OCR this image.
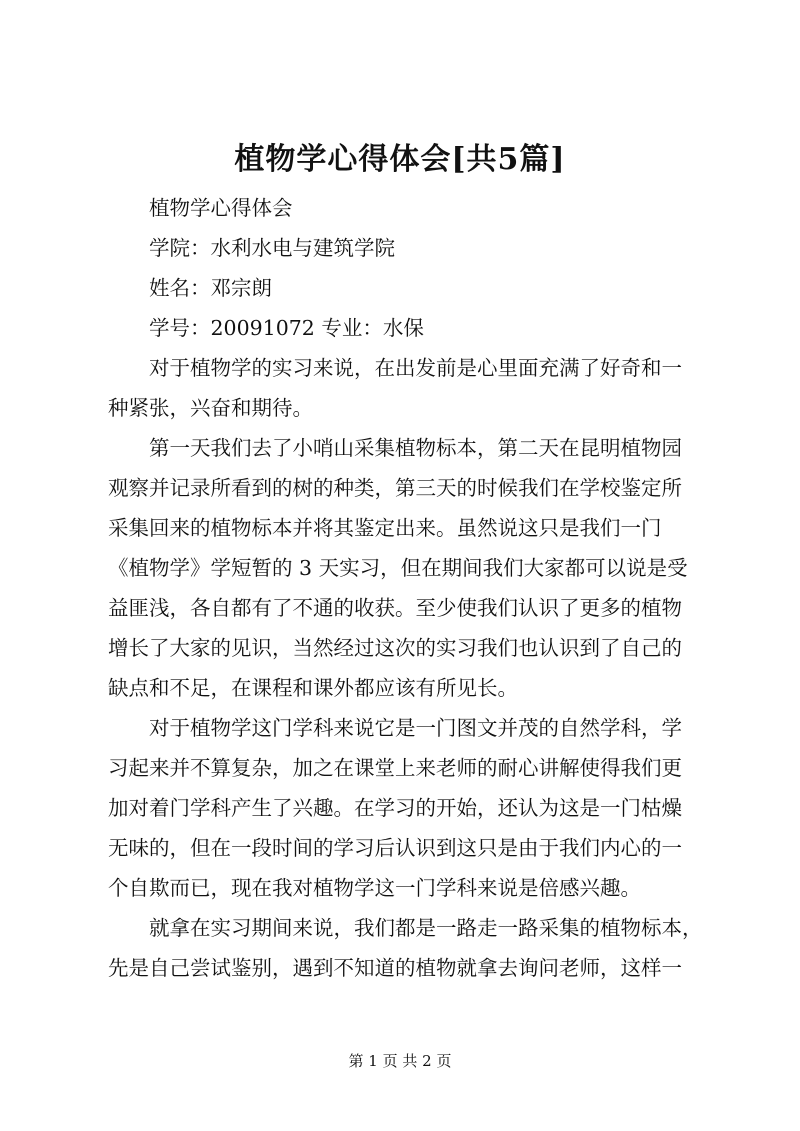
植物学心得体会[共5篇]

植物学心得体会

学院：水利水电与建筑学院

姓名：邓宗朗

学号：20091072 专业：水保

对于植物学的实习来说，在出发前是心里面充满了好奇和一

种紧张，兴奋和期待。

第一天我们去了小哨山采集植物标本，第二天在昆明植物园

观察并记录所看到的树的种类，第三天的时候我们在学校鉴定所

采集回来的植物标本并将其鉴定出来。虽然说这只是我们一门

《植物学》学短暂的 3 天实习，但在期间我们大家都可以说是受

益匪浅，各自都有了不通的收获。至少使我们认识了更多的植物

增长了大家的见识，当然经过这次的实习我们也认识到了自己的

缺点和不足，在课程和课外都应该有所见长。

对于植物学这门学科来说它是一门图文并茂的自然学科，学

习起来并不算复杂，加之在课堂上来老师的耐心讲解使得我们更

加对着门学科产生了兴趣。在学习的开始，还认为这是一门枯燥

无味的，但在一段时间的学习后认识到这只是由于我们内心的一

个自欺而已，现在我对植物学这一门学科来说是倍感兴趣。

就拿在实习期间来说，我们都是一路走一路采集的植物标本，

先是自己尝试鉴别，遇到不知道的植物就拿去询问老师，这样一

第 1 页 共 2 页
